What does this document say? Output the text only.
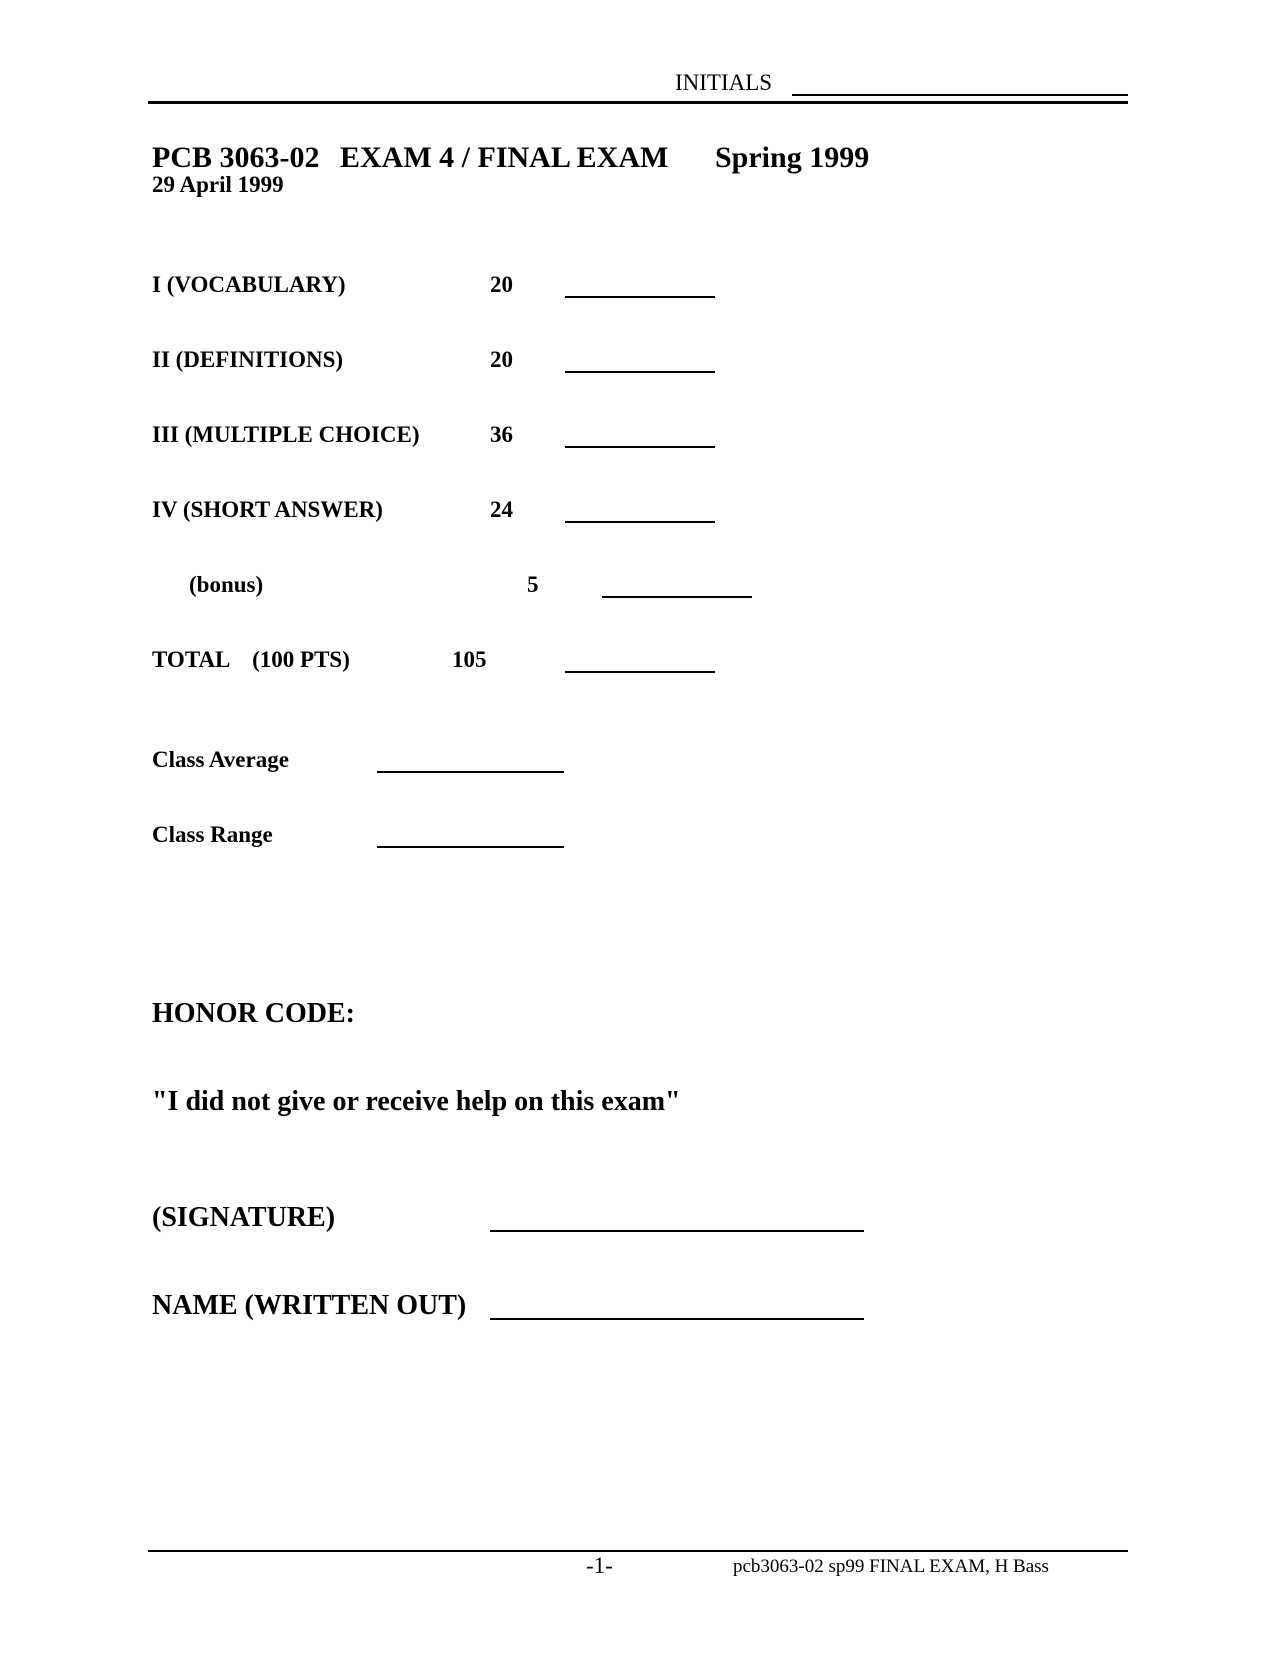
INITIALS
PCB 3063-02 EXAM 4 / FINAL EXAM Spring 1999
29 April 1999
I (VOCABULARY)	20
II (DEFINITIONS)	20
III (MULTIPLE CHOICE)	36
IV (SHORT ANSWER)	24
(bonus)	5
TOTAL    (100 PTS)	105
Class Average
Class Range
HONOR CODE:
"I did not give or receive help on this exam"
(SIGNATURE)
NAME (WRITTEN OUT)
-1-	pcb3063-02 sp99 FINAL EXAM, H Bass
